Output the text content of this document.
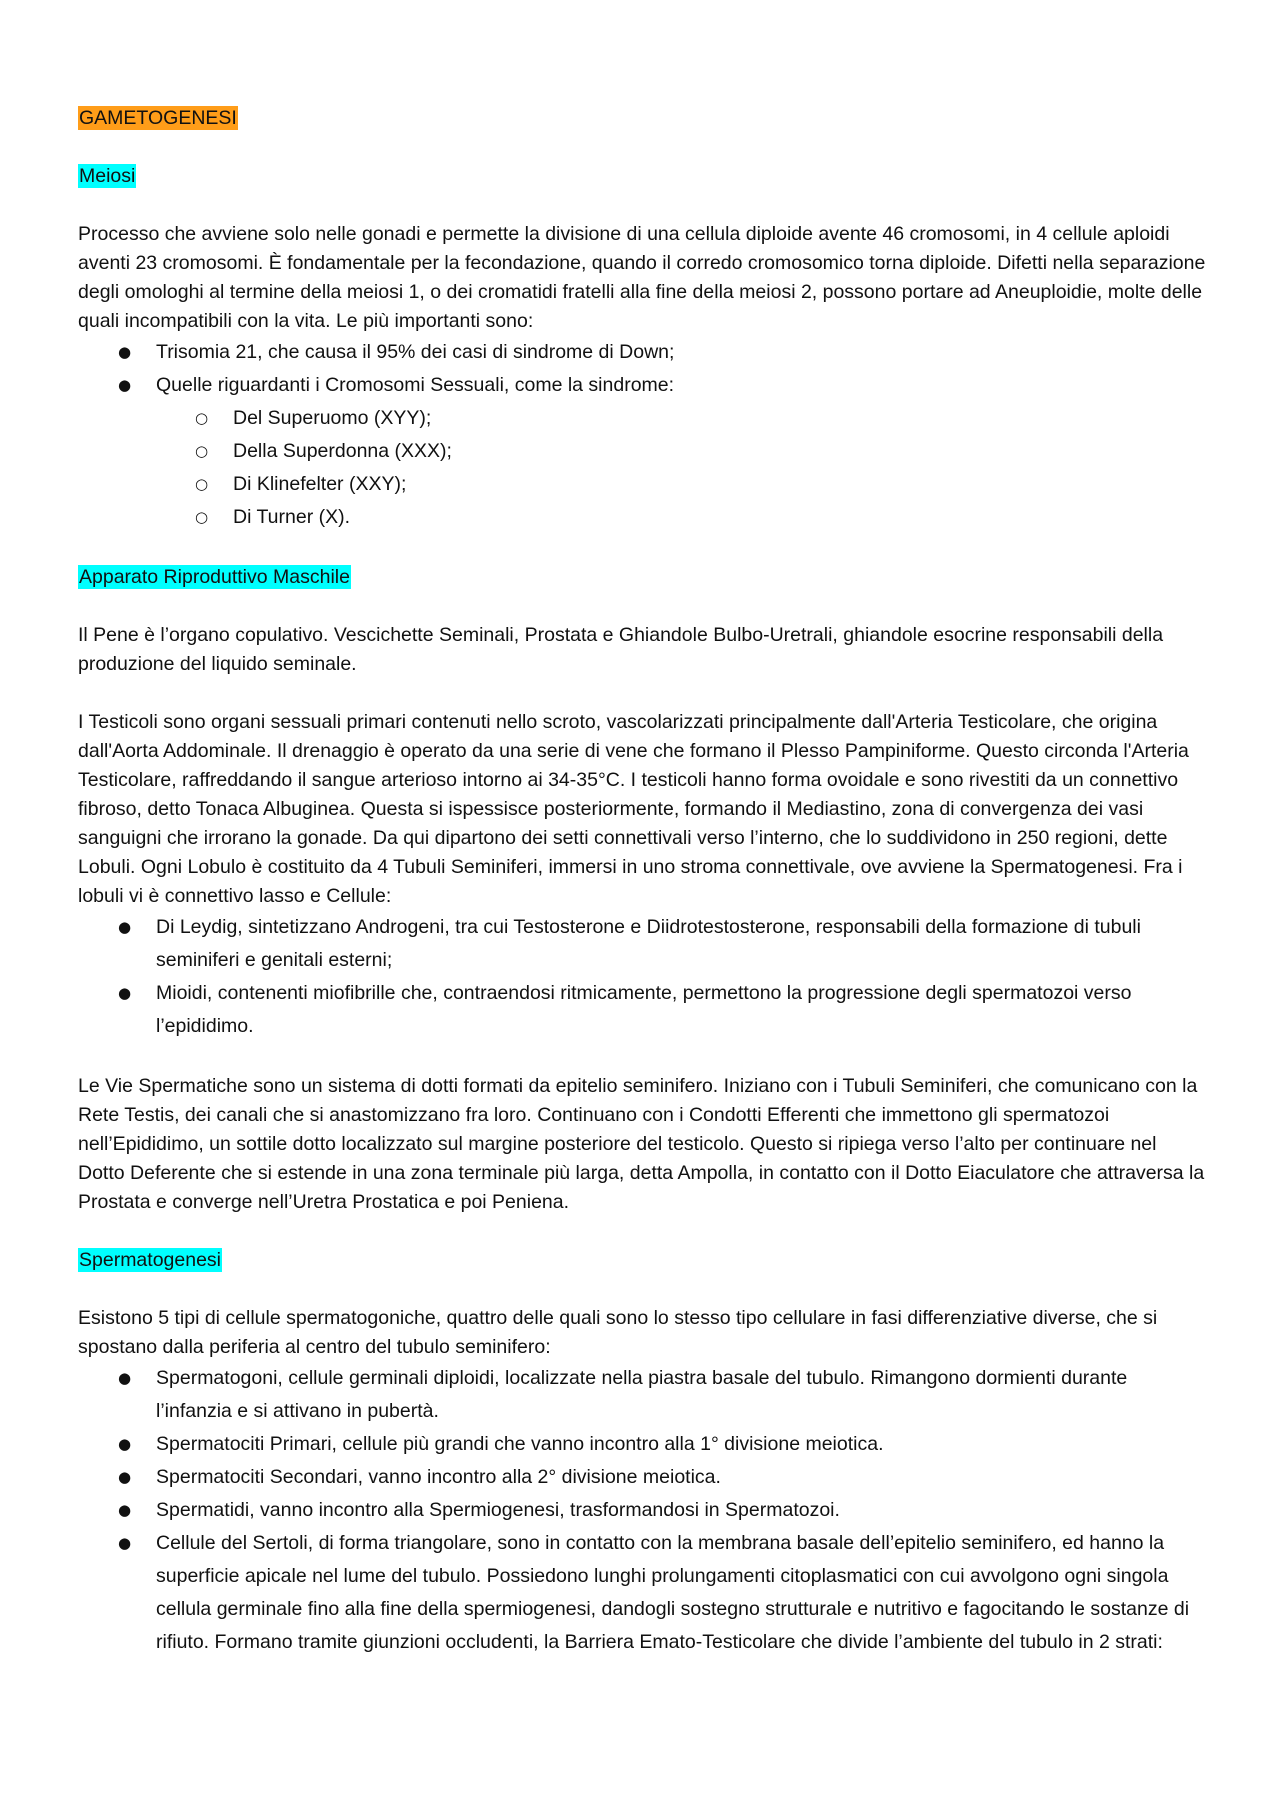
GAMETOGENESI
Meiosi

Processo che avviene solo nelle gonadi e permette la divisione di una cellula diploide avente 46 cromosomi, in 4 cellule aploidi aventi 23 cromosomi. È fondamentale per la fecondazione, quando il corredo cromosomico torna diploide. Difetti nella separazione degli omologhi al termine della meiosi 1, o dei cromatidi fratelli alla fine della meiosi 2, possono portare ad Aneuploidie, molte delle quali incompatibili con la vita. Le più importanti sono:

● Trisomia 21, che causa il 95% dei casi di sindrome di Down;
● Quelle riguardanti i Cromosomi Sessuali, come la sindrome:
○ Del Superuomo (XYY);
○ Della Superdonna (XXX);
○ Di Klinefelter (XXY);
○ Di Turner (X).
Apparato Riproduttivo Maschile

Il Pene è l’organo copulativo. Vescichette Seminali, Prostata e Ghiandole Bulbo-Uretrali, ghiandole esocrine responsabili della produzione del liquido seminale.

I Testicoli sono organi sessuali primari contenuti nello scroto, vascolarizzati principalmente dall'Arteria Testicolare, che origina dall'Aorta Addominale. Il drenaggio è operato da una serie di vene che formano il Plesso Pampiniforme. Questo circonda l'Arteria Testicolare, raffreddando il sangue arterioso intorno ai 34-35°C. I testicoli hanno forma ovoidale e sono rivestiti da un connettivo fibroso, detto Tonaca Albuginea. Questa si ispessisce posteriormente, formando il Mediastino, zona di convergenza dei vasi sanguigni che irrorano la gonade. Da qui dipartono dei setti connettivali verso l’interno, che lo suddividono in 250 regioni, dette Lobuli. Ogni Lobulo è costituito da 4 Tubuli Seminiferi, immersi in uno stroma connettivale, ove avviene la Spermatogenesi. Fra i lobuli vi è connettivo lasso e Cellule:

● Di Leydig, sintetizzano Androgeni, tra cui Testosterone e Diidrotestosterone, responsabili della formazione di tubuli seminiferi e genitali esterni;
● Mioidi, contenenti miofibrille che, contraendosi ritmicamente, permettono la progressione degli spermatozoi verso l’epididimo.

Le Vie Spermatiche sono un sistema di dotti formati da epitelio seminifero. Iniziano con i Tubuli Seminiferi, che comunicano con la Rete Testis, dei canali che si anastomizzano fra loro. Continuano con i Condotti Efferenti che immettono gli spermatozoi nell’Epididimo, un sottile dotto localizzato sul margine posteriore del testicolo. Questo si ripiega verso l’alto per continuare nel Dotto Deferente che si estende in una zona terminale più larga, detta Ampolla, in contatto con il Dotto Eiaculatore che attraversa la Prostata e converge nell’Uretra Prostatica e poi Peniena.

Spermatogenesi

Esistono 5 tipi di cellule spermatogoniche, quattro delle quali sono lo stesso tipo cellulare in fasi differenziative diverse, che si spostano dalla periferia al centro del tubulo seminifero:

● Spermatogoni, cellule germinali diploidi, localizzate nella piastra basale del tubulo. Rimangono dormienti durante l’infanzia e si attivano in pubertà.
● Spermatociti Primari, cellule più grandi che vanno incontro alla 1° divisione meiotica.
● Spermatociti Secondari, vanno incontro alla 2° divisione meiotica.
● Spermatidi, vanno incontro alla Spermiogenesi, trasformandosi in Spermatozoi.
● Cellule del Sertoli, di forma triangolare, sono in contatto con la membrana basale dell’epitelio seminifero, ed hanno la superficie apicale nel lume del tubulo. Possiedono lunghi prolungamenti citoplasmatici con cui avvolgono ogni singola cellula germinale fino alla fine della spermiogenesi, dandogli sostegno strutturale e nutritivo e fagocitando le sostanze di rifiuto. Formano tramite giunzioni occludenti, la Barriera Emato-Testicolare che divide l’ambiente del tubulo in 2 strati:
